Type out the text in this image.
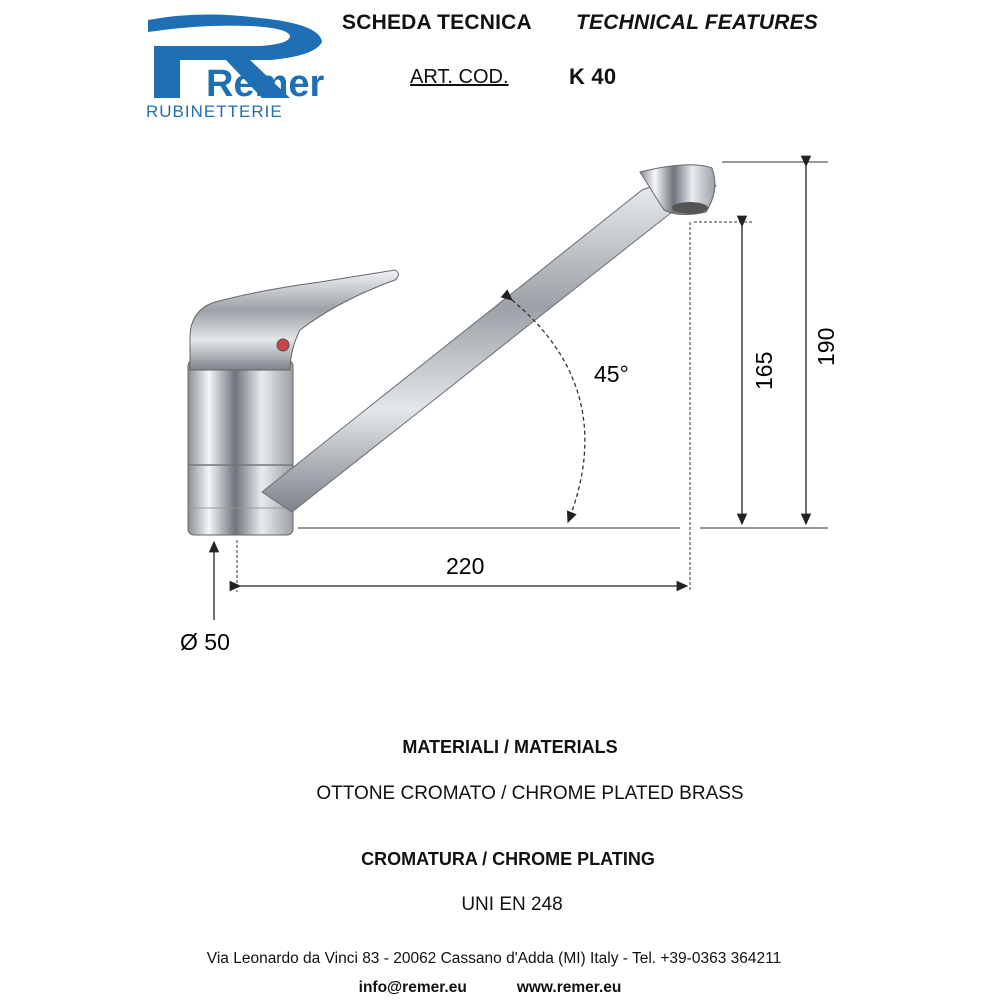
Remer
RUBINETTERIE
SCHEDA TECNICA TECHNICAL FEATURES
ART. COD.	K 40
45°	165
190
220
Ø 50
MATERIALI / MATERIALS
OTTONE CROMATO / CHROME PLATED BRASS
CROMATURA / CHROME PLATING
UNI EN 248
Via Leonardo da Vinci 83 - 20062 Cassano d'Adda (MI) Italy - Tel. +39-0363 364211
info@remer.eu	www.remer.eu
